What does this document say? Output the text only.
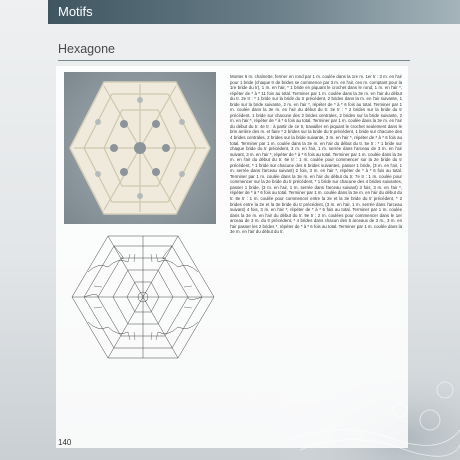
Motifs
Hexagone

Monter 6 m. chaînette, fermer en rond par 1 m. coulée dans la 1re m. 1er tr : 3 m. en l'air pour 1 bride (chaque tr de brides se commence par 3 m. en l'air, ces m. comptant pour la 1re bride du tr), 1 m. en l'air, * 1 bride en piquant le crochet dans le rond, 1 m. en l'air *, répéter de * à * 11 fois au total. Terminer par 1 m. coulée dans la 3e m. en l'air du début du tr. 2e tr : * 1 bride sur la bride du tr précédent, 2 brides dans la m. en l'air suivante, 1 bride sur la bride suivante, 2 m. en l'air *, répéter de * à * 6 fois au total. Terminer par 1 m. coulée dans la 3e m. en l'air du début du tr. 3e tr : * 2 brides sur la bride du tr précédent, 1 bride sur chacune des 2 brides centrales, 2 brides sur la bride suivante, 2 m. en l'air *, répéter de * à * 6 fois au total. Terminer par 1 m. coulée dans la 3e m. en l'air du début du tr. 4e tr : à partir de ce tr, travailler en piquant le crochet seulement dans le brin arrière des m. et faire * 2 brides sur la bride du tr précédent, 1 bride sur chacune des 4 brides centrales, 2 brides sur la bride suivante, 3 m. en l'air *, répéter de * à * 6 fois au total. Terminer par 1 m. coulée dans la 3e m. en l'air du début du tr. 5e tr : * 1 bride sur chaque bride du tr précédent, 3 m. en l'air, 1 m. serrée dans l'arceau de 3 m. en l'air suivant, 3 m. en l'air *, répéter de * à * 6 fois au total. Terminer par 1 m. coulée dans la 3e m. en l'air du début du tr. 6e tr : 1 m. coulée pour commencer sur la 2e bride du tr précédent, * 1 bride sur chacune des 6 brides suivantes, passer 1 bride, (3 m. en l'air, 1 m. serrée dans l'arceau suivant) 2 fois, 3 m. en l'air *, répéter de * à * 6 fois au total. Terminer par 1 m. coulée dans la 3e m. en l'air du début du tr. 7e tr : 1 m. coulée pour commencer sur la 2e bride du tr précédent, * 1 bride sur chacune des 4 brides suivantes, passer 1 bride, (3 m. en l'air, 1 m. serrée dans l'arceau suivant) 3 fois, 3 m. en l'air *, répéter de * à * 6 fois au total. Terminer par 1 m. coulée dans la 3e m. en l'air du début du tr. 8e tr : 1 m. coulée pour commencer entre la 2e et la 3e bride du tr précédent, * 2 brides entre la 2e et la 3e bride du tr précédent, (3 m. en l'air, 1 m. serrée dans l'arceau suivant) 4 fois, 3 m. en l'air *, répéter de * à * 6 fois au total. Terminer par 1 m. coulée dans la 3e m. en l'air du début du tr. 9e tr : 2 m. coulées pour commencer dans le 1er arceau de 3 m. du tr précédent, * 4 brides dans chacun des 5 arceaux de 3 m., 3 m. en l'air passer les 2 brides *, répéter de * à * 6 fois au total. Terminer par 1 m. coulée dans la 3e m. en l'air du début du tr.

140
